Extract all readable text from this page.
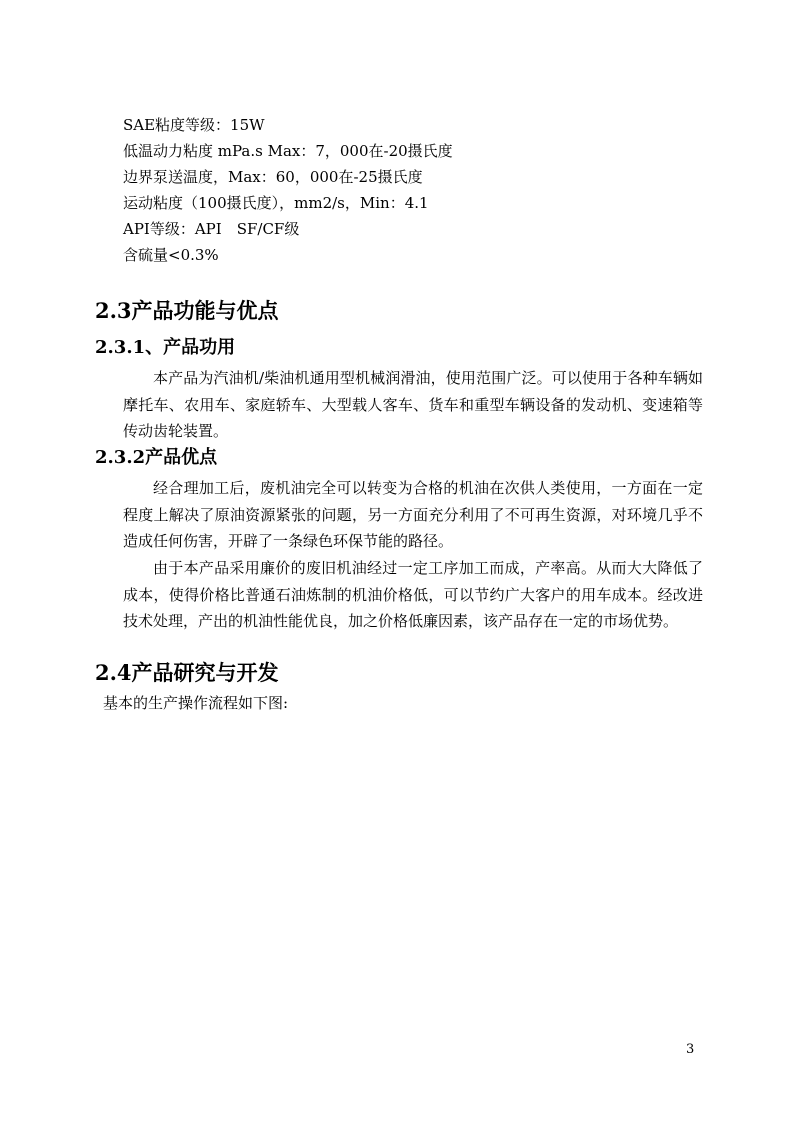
SAE粘度等级：15W
低温动力粘度 mPa.s Max：7，000在-20摄氏度
边界泵送温度，Max：60，000在-25摄氏度
运动粘度（100摄氏度），mm2/s，Min：4.1
API等级：API　SF/CF级
含硫量<0.3%
2.3产品功能与优点
2.3.1、产品功用
本产品为汽油机/柴油机通用型机械润滑油，使用范围广泛。可以使用于各种车辆如摩托车、农用车、家庭轿车、大型载人客车、货车和重型车辆设备的发动机、变速箱等传动齿轮装置。
2.3.2产品优点
经合理加工后，废机油完全可以转变为合格的机油在次供人类使用，一方面在一定程度上解决了原油资源紧张的问题，另一方面充分利用了不可再生资源，对环境几乎不造成任何伤害，开辟了一条绿色环保节能的路径。
由于本产品采用廉价的废旧机油经过一定工序加工而成，产率高。从而大大降低了成本，使得价格比普通石油炼制的机油价格低，可以节约广大客户的用车成本。经改进技术处理，产出的机油性能优良，加之价格低廉因素，该产品存在一定的市场优势。
2.4产品研究与开发
基本的生产操作流程如下图:
3
